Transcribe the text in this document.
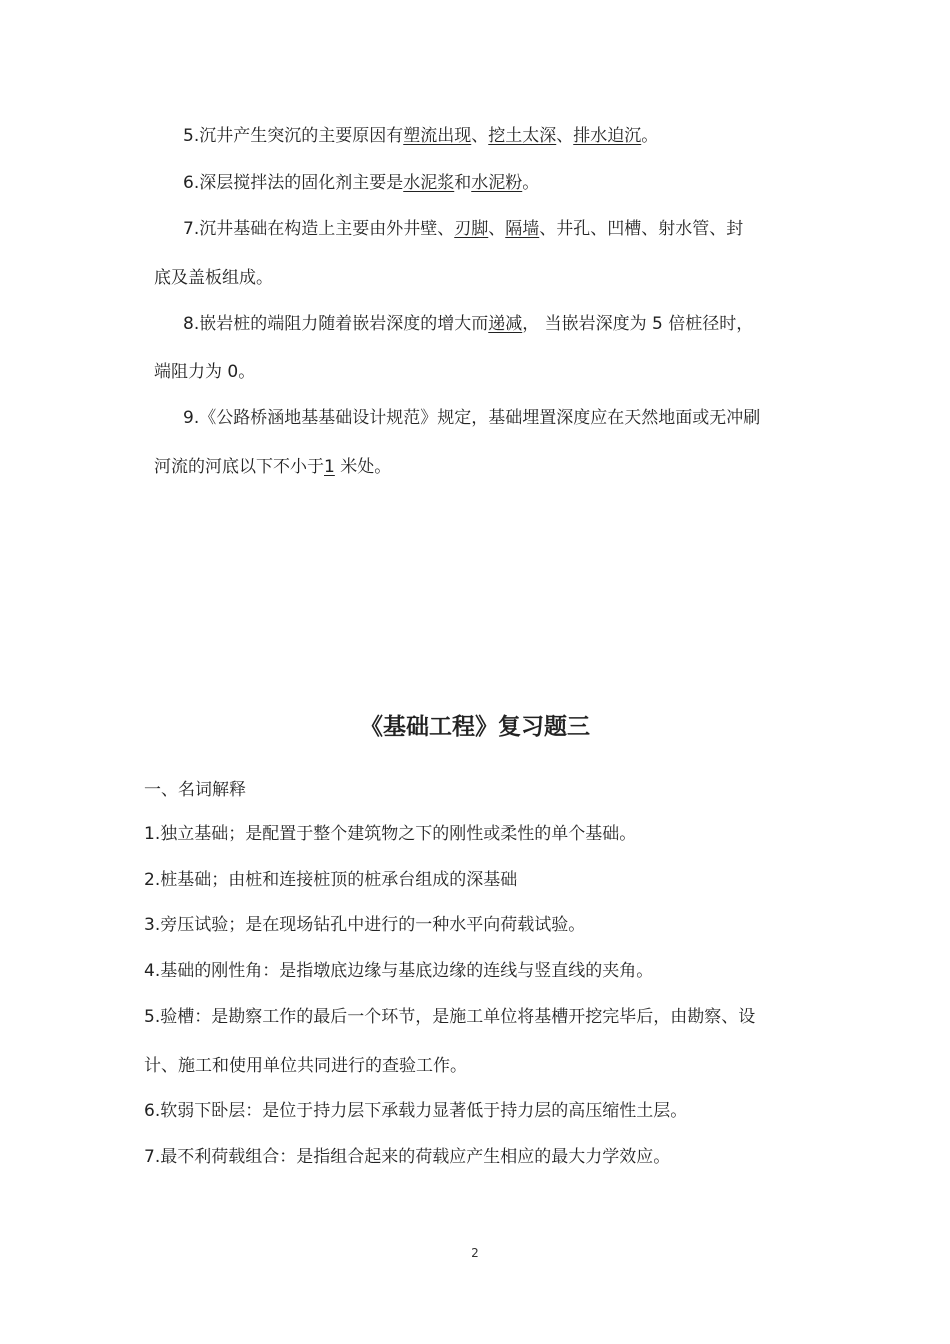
5.沉井产生突沉的主要原因有塑流出现、挖土太深、排水迫沉。
6.深层搅拌法的固化剂主要是水泥浆和水泥粉。
7.沉井基础在构造上主要由外井壁、刃脚、隔墙、井孔、凹槽、射水管、封
底及盖板组成。
8.嵌岩桩的端阻力随着嵌岩深度的增大而递减， 当嵌岩深度为 5 倍桩径时，
端阻力为 0。
9.《公路桥涵地基基础设计规范》规定，基础埋置深度应在天然地面或无冲刷
河流的河底以下不小于1 米处。
《基础工程》复习题三
一、名词解释
1.独立基础；是配置于整个建筑物之下的刚性或柔性的单个基础。
2.桩基础；由桩和连接桩顶的桩承台组成的深基础
3.旁压试验；是在现场钻孔中进行的一种水平向荷载试验。
4.基础的刚性角：是指墩底边缘与基底边缘的连线与竖直线的夹角。
5.验槽：是勘察工作的最后一个环节，是施工单位将基槽开挖完毕后，由勘察、设
计、施工和使用单位共同进行的查验工作。
6.软弱下卧层：是位于持力层下承载力显著低于持力层的高压缩性土层。
7.最不利荷载组合：是指组合起来的荷载应产生相应的最大力学效应。
2
